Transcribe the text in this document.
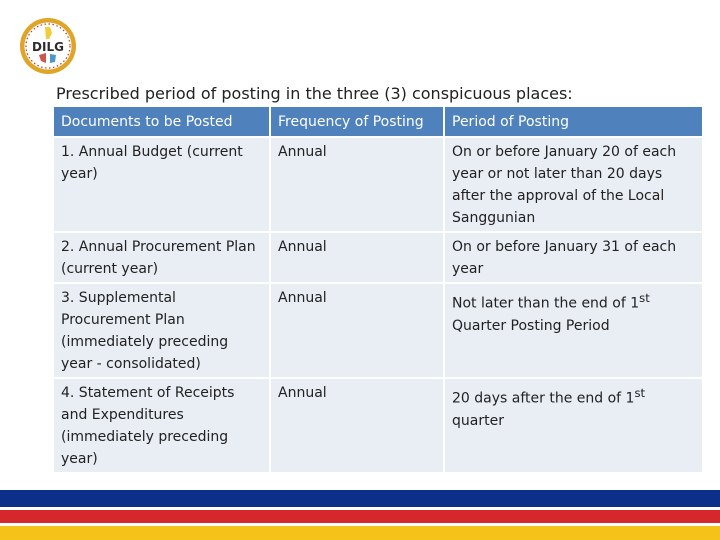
DILG
Prescribed period of posting in the three (3) conspicuous places:
Documents to be Posted	Frequency of Posting	Period of Posting
1. Annual Budget (current year)	Annual	On or before January 20 of each year or not later than 20 days after the approval of the Local Sanggunian
2. Annual Procurement Plan (current year)	Annual	On or before January 31 of each year
3. Supplemental Procurement Plan (immediately preceding year - consolidated)	Annual	Not later than the end of 1st Quarter Posting Period
4. Statement of Receipts and Expenditures (immediately preceding year)	Annual	20 days after the end of 1st quarter
